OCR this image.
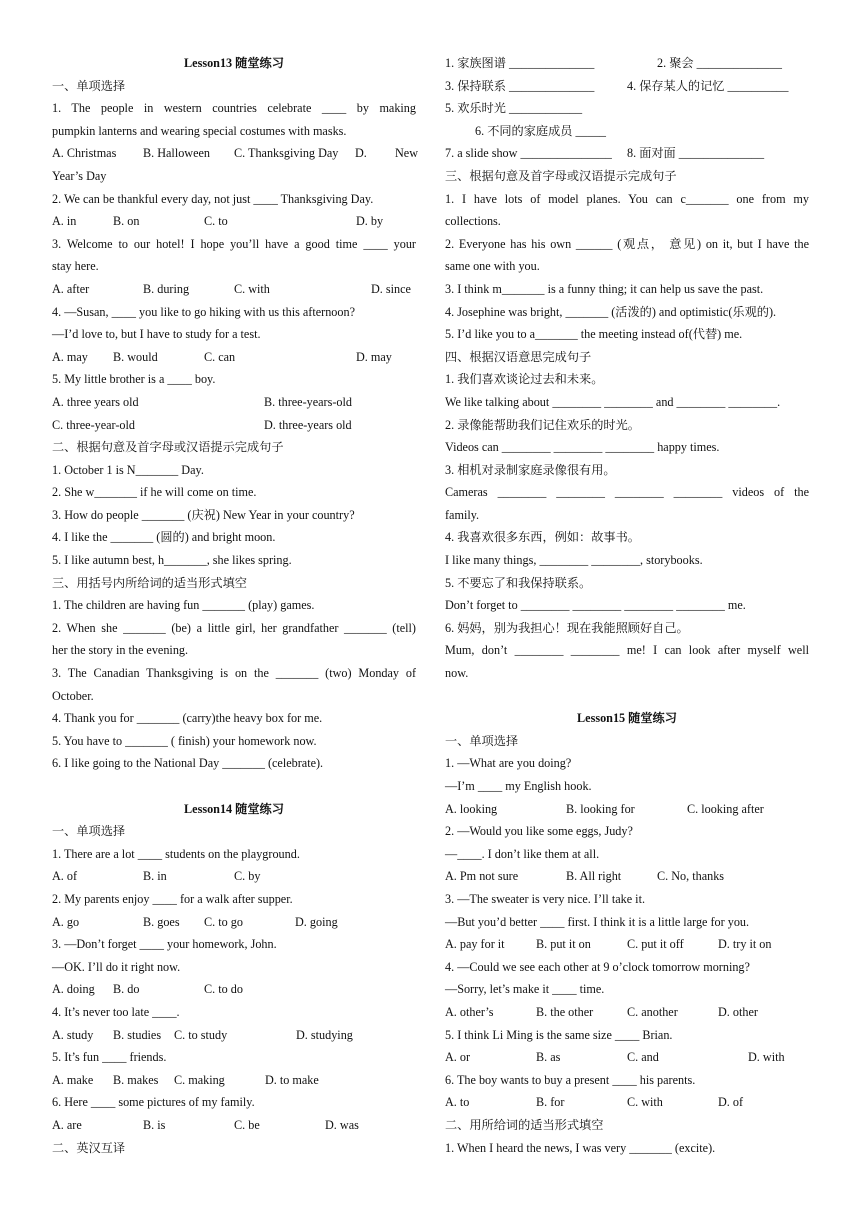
Lesson13 随堂练习
一、单项选择
1. The people in western countries celebrate ____ by making
pumpkin lanterns and wearing special costumes with masks.
A. Christmas B. Halloween C. Thanksgiving Day D. New
Year’s Day
2. We can be thankful every day, not just ____ Thanksgiving Day.
A. in	B. on	C. to	D. by
3. Welcome to our hotel! I hope you’ll have a good time ____ your
stay here.
A. after	B. during	C. with	D. since
4. —Susan, ____ you like to go hiking with us this afternoon?
—I’d love to, but I have to study for a test.
A. may B. would	C. can	D. may
5. My little brother is a ____ boy.
A. three years old	B. three-years-old
C. three-year-old	D. three-years old
二、根据句意及首字母或汉语提示完成句子
1. October 1 is N_______ Day.
2. She w_______ if he will come on time.
3. How do people _______ (庆祝) New Year in your country?
4. I like the _______ (圆的) and bright moon.
5. I like autumn best, h_______, she likes spring.
三、用括号内所给词的适当形式填空
1. The children are having fun _______ (play) games.
2. When she _______ (be) a little girl, her grandfather _______ (tell)
her the story in the evening.
3. The Canadian Thanksgiving is on the _______ (two) Monday of
October.
4. Thank you for _______ (carry)the heavy box for me.
5. You have to _______ ( finish) your homework now.
6. I like going to the National Day _______ (celebrate).
Lesson14 随堂练习
一、单项选择
1. There are a lot ____ students on the playground.
A. of	B. in	C. by
2. My parents enjoy ____ for a walk after supper.
A. go	B. goes C. to go	D. going
3. —Don’t forget ____ your homework, John.
—OK. I’ll do it right now.
A. doing B. do	C. to do
4. It’s never too late ____.
A. study B. studies C. to study	D. studying
5. It’s fun ____ friends.
A. make B. makes C. making	D. to make
6. Here ____ some pictures of my family.
A. are	B. is	C. be	D. was
二、英汉互译
1. 家族图谱 ______________	2. 聚会 ______________
3. 保持联系 ______________	4. 保存某人的记忆 __________
5. 欢乐时光 ____________
6. 不同的家庭成员 _____
7. a slide show _______________ 8. 面对面 ______________
三、根据句意及首字母或汉语提示完成句子
1. I have lots of model planes. You can c_______ one from my
collections.
2. Everyone has his own ______ (观点， 意见) on it, but I have the
same one with you.
3. I think m_______ is a funny thing; it can help us save the past.
4. Josephine was bright, _______ (活泼的) and optimistic(乐观的).
5. I’d like you to a_______ the meeting instead of(代替) me.
四、根据汉语意思完成句子
1. 我们喜欢谈论过去和未来。
We like talking about ________ ________ and ________ ________.
2. 录像能帮助我们记住欢乐的时光。
Videos can ________ ________ ________ happy times.
3. 相机对录制家庭录像很有用。
Cameras ________ ________ ________ ________ videos of the
family.
4. 我喜欢很多东西，例如：故事书。
I like many things, ________ ________, storybooks.
5. 不要忘了和我保持联系。
Don’t forget to ________ ________ ________ ________ me.
6. 妈妈，别为我担心！现在我能照顾好自己。
Mum, don’t ________ ________ me! I can look after myself well
now.
Lesson15 随堂练习
一、单项选择
1. —What are you doing?
—I’m ____ my English hook.
A. looking	B. looking for	C. looking after
2. —Would you like some eggs, Judy?
—____. I don’t like them at all.
A. Pm not sure	B. All right	C. No, thanks
3. —The sweater is very nice. I’ll take it.
—But you’d better ____ first. I think it is a little large for you.
A. pay for it	B. put it on	C. put it off	D. try it on
4. —Could we see each other at 9 o’clock tomorrow morning?
—Sorry, let’s make it ____ time.
A. other’s	B. the other	C. another	D. other
5. I think Li Ming is the same size ____ Brian.
A. or	B. as	C. and	D. with
6. The boy wants to buy a present ____ his parents.
A. to	B. for	C. with	D. of
二、用所给词的适当形式填空
1. When I heard the news, I was very _______ (excite).
